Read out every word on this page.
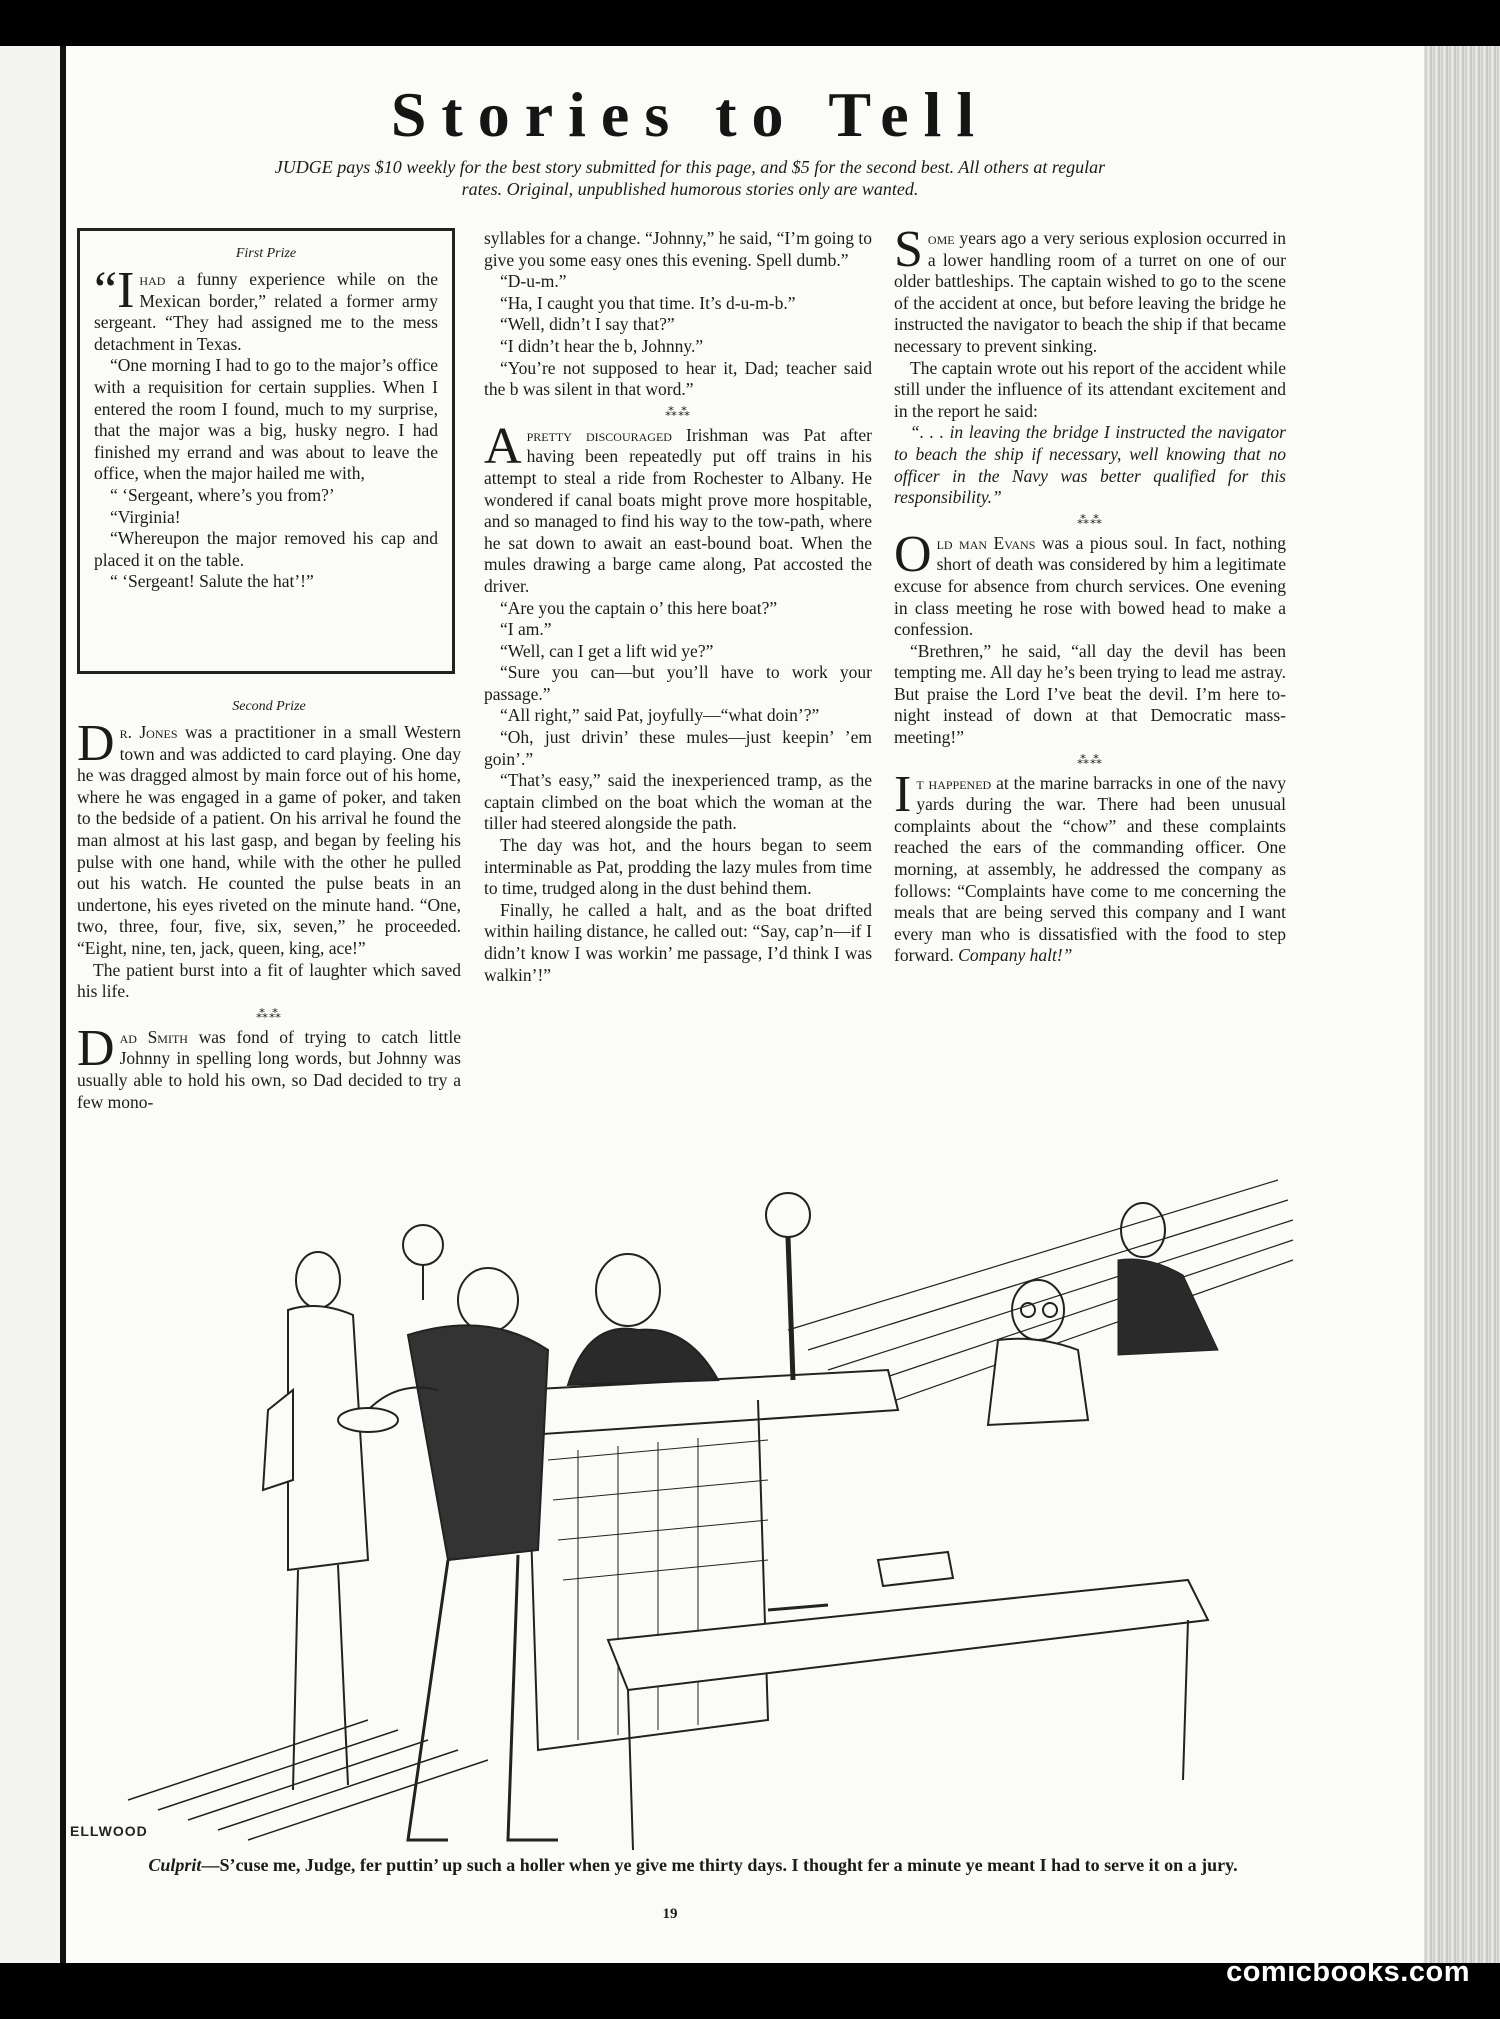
Stories to Tell
JUDGE pays $10 weekly for the best story submitted for this page, and $5 for the second best. All others at regular rates. Original, unpublished humorous stories only are wanted.
First Prize

“Ihad a funny experience while on the Mexican border,” related a former army sergeant. “They had assigned me to the mess detachment in Texas.

“One morning I had to go to the major’s office with a requisition for certain supplies. When I entered the room I found, much to my surprise, that the major was a big, husky negro. I had finished my errand and was about to leave the office, when the major hailed me with,

“ ‘Sergeant, where’s you from?’

“Virginia!

“Whereupon the major removed his cap and placed it on the table.

“ ‘Sergeant! Salute the hat’!”

Second Prize

Dr. Jones was a practitioner in a small Western town and was addicted to card playing. One day he was dragged almost by main force out of his home, where he was engaged in a game of poker, and taken to the bedside of a patient. On his arrival he found the man almost at his last gasp, and began by feeling his pulse with one hand, while with the other he pulled out his watch. He counted the pulse beats in an undertone, his eyes riveted on the minute hand. “One, two, three, four, five, six, seven,” he proceeded. “Eight, nine, ten, jack, queen, king, ace!”

The patient burst into a fit of laughter which saved his life.

⁂⁂

Dad Smith was fond of trying to catch little Johnny in spelling long words, but Johnny was usually able to hold his own, so Dad decided to try a few mono-

syllables for a change. “Johnny,” he said, “I’m going to give you some easy ones this evening. Spell dumb.”

“D-u-m.”

“Ha, I caught you that time. It’s d-u-m-b.”

“Well, didn’t I say that?”

“I didn’t hear the b, Johnny.”

“You’re not supposed to hear it, Dad; teacher said the b was silent in that word.”

⁂⁂

Apretty discouraged Irishman was Pat after having been repeatedly put off trains in his attempt to steal a ride from Rochester to Albany. He wondered if canal boats might prove more hospitable, and so managed to find his way to the tow-path, where he sat down to await an east-bound boat. When the mules drawing a barge came along, Pat accosted the driver.

“Are you the captain o’ this here boat?”

“I am.”

“Well, can I get a lift wid ye?”

“Sure you can—but you’ll have to work your passage.”

“All right,” said Pat, joyfully—“what doin’?”

“Oh, just drivin’ these mules—just keepin’ ’em goin’.”

“That’s easy,” said the inexperienced tramp, as the captain climbed on the boat which the woman at the tiller had steered alongside the path.

The day was hot, and the hours began to seem interminable as Pat, prodding the lazy mules from time to time, trudged along in the dust behind them.

Finally, he called a halt, and as the boat drifted within hailing distance, he called out: “Say, cap’n—if I didn’t know I was workin’ me passage, I’d think I was walkin’!”

Some years ago a very serious explosion occurred in a lower handling room of a turret on one of our older battleships. The captain wished to go to the scene of the accident at once, but before leaving the bridge he instructed the navigator to beach the ship if that became necessary to prevent sinking.

The captain wrote out his report of the accident while still under the influence of its attendant excitement and in the report he said:

“. . . in leaving the bridge I instructed the navigator to beach the ship if necessary, well knowing that no officer in the Navy was better qualified for this responsibility.”

⁂⁂

Old man Evans was a pious soul. In fact, nothing short of death was considered by him a legitimate excuse for absence from church services. One evening in class meeting he rose with bowed head to make a confession.

“Brethren,” he said, “all day the devil has been tempting me. All day he’s been trying to lead me astray. But praise the Lord I’ve beat the devil. I’m here to-night instead of down at that Democratic mass-meeting!”

⁂⁂

It happened at the marine barracks in one of the navy yards during the war. There had been unusual complaints about the “chow” and these complaints reached the ears of the commanding officer. One morning, at assembly, he addressed the company as follows: “Complaints have come to me concerning the meals that are being served this company and I want every man who is dissatisfied with the food to step forward. Company halt!”

ELLWOOD
Culprit—S’cuse me, Judge, fer puttin’ up such a holler when ye give me thirty days. I thought fer a minute ye meant I had to serve it on a jury.
19
comicbooks.com
